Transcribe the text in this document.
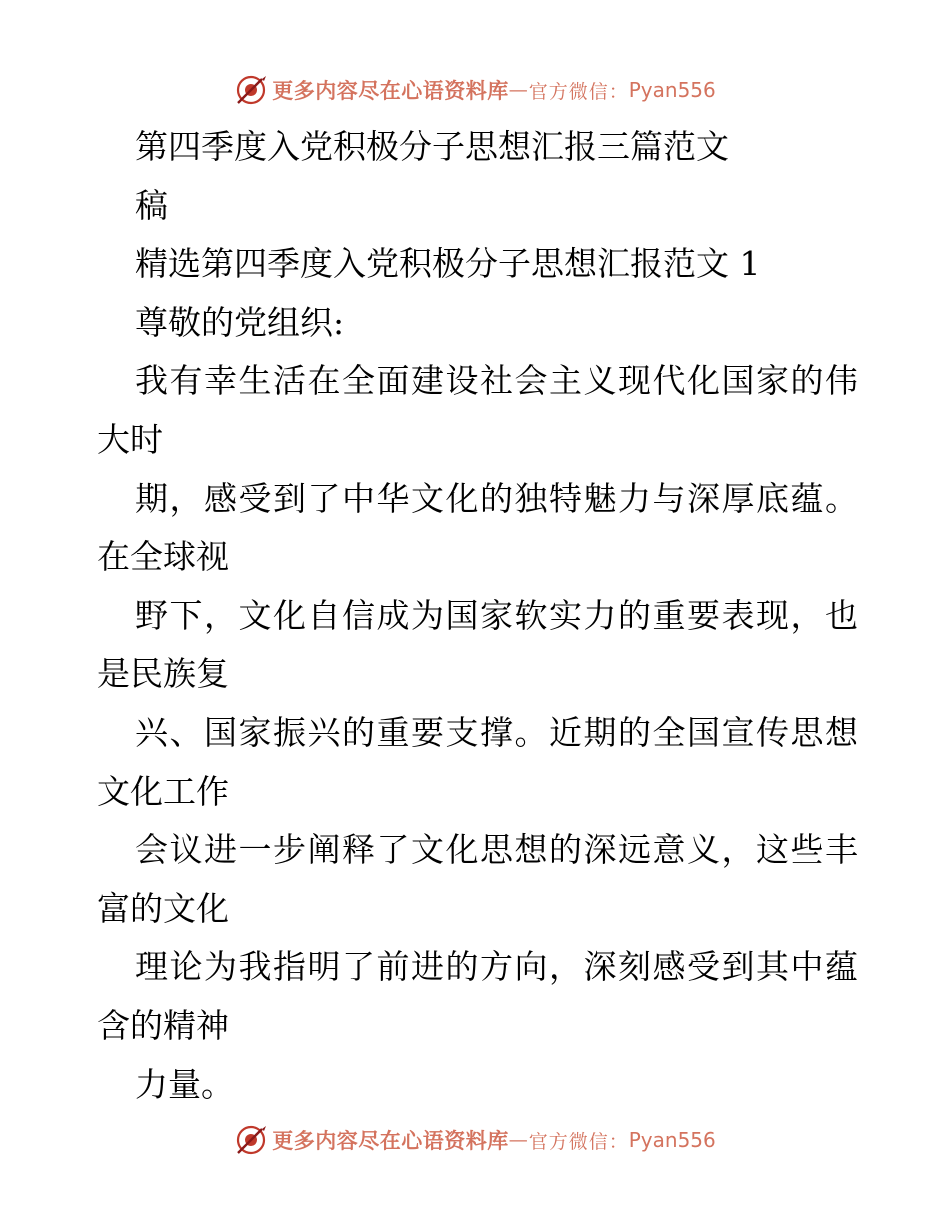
更多内容尽在心语资料库 — 官方微信： Pyan556
第四季度入党积极分子思想汇报三篇范文
稿
精选第四季度入党积极分子思想汇报范文 1
尊敬的党组织:
我有幸生活在全面建设社会主义现代化国家的伟
大时
期，感受到了中华文化的独特魅力与深厚底蕴。
在全球视
野下，文化自信成为国家软实力的重要表现，也
是民族复
兴、国家振兴的重要支撑。近期的全国宣传思想
文化工作
会议进一步阐释了文化思想的深远意义，这些丰
富的文化
理论为我指明了前进的方向，深刻感受到其中蕴
含的精神
力量。
更多内容尽在心语资料库 — 官方微信： Pyan556
